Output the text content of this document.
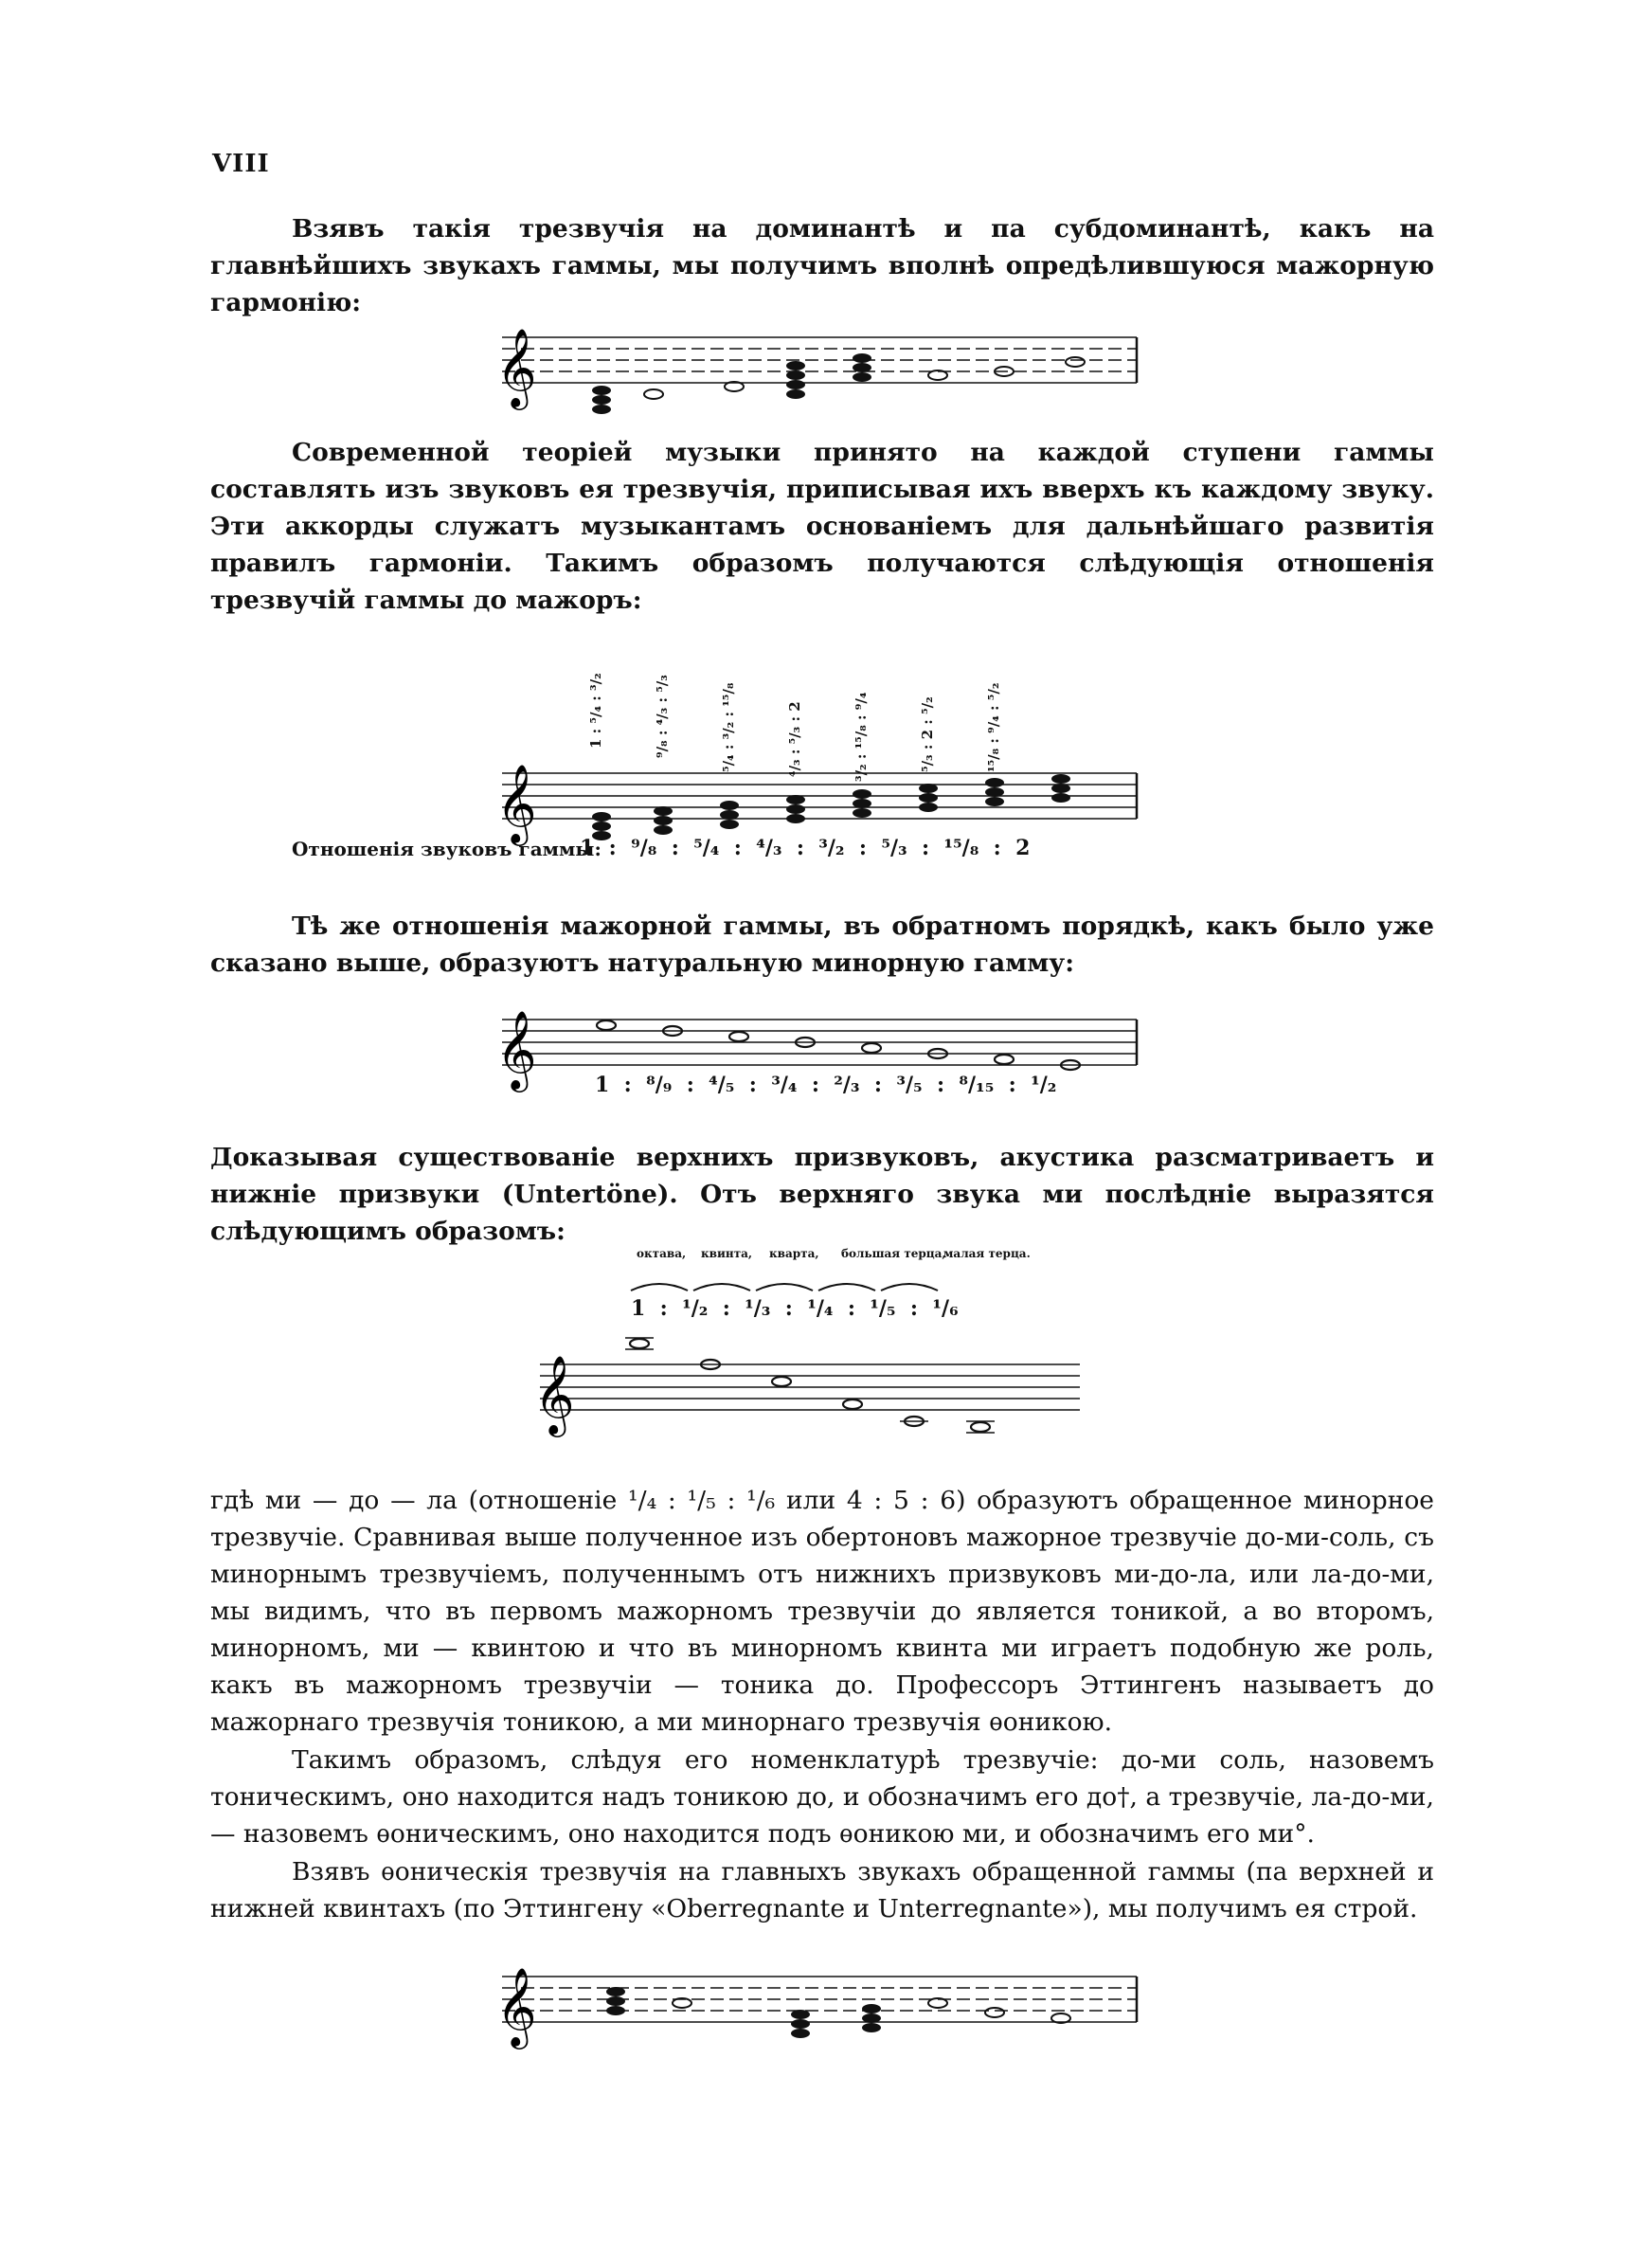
VIII
Взявъ такія трезвучія на доминантѣ и па субдоминантѣ, какъ на главнѣйшихъ звукахъ гаммы, мы получимъ вполнѣ опредѣлившуюся мажорную гармонію:
𝄞
Современной теоріей музыки принято на каждой ступени гаммы составлять изъ звуковъ ея трезвучія, приписывая ихъ вверхъ къ каждому звуку. Эти аккорды служатъ музыкантамъ основаніемъ для дальнѣйшаго развитія правилъ гармоніи. Такимъ образомъ получаются слѣдующія отношенія трезвучій гаммы до мажоръ:
1 : ⁵/₄ : ³/₂	⁹/₈ : ⁴/₃ : ⁵/₃	⁵/₄ : ³/₂ : ¹⁵/₈	⁴/₃ : ⁵/₃ : 2	³/₂ : ¹⁵/₈ : ⁹/₄	⁵/₃ : 2 : ⁵/₂	¹⁵/₈ : ⁹/₄ : ⁵/₂
𝄞
Отношенія звуковъ гаммы:
1  :  ⁹/₈  :  ⁵/₄  :  ⁴/₃  :  ³/₂  :  ⁵/₃  :  ¹⁵/₈  :  2
Тѣ же отношенія мажорной гаммы, въ обратномъ порядкѣ, какъ было уже сказано выше, образуютъ натуральную минорную гамму:
𝄞	1  :  ⁸/₉  :  ⁴/₅  :  ³/₄  :  ²/₃  :  ³/₅  :  ⁸/₁₅  :  ¹/₂
Доказывая существованіе верхнихъ призвуковъ, акустика разсматриваетъ и нижніе призвуки (Untertöne). Отъ верхняго звука ми послѣдніе выразятся слѣдующимъ образомъ:
октава, квинта, кварта, большая терца,
малая терца.
1  :  ¹/₂  :  ¹/₃  :  ¹/₄  :  ¹/₅  :  ¹/₆
𝄞
гдѣ ми — до — ла (отношеніе ¹/₄ : ¹/₅ : ¹/₆ или 4 : 5 : 6) образуютъ обращенное минорное трезвучіе. Сравнивая выше полученное изъ обертоновъ мажорное трезвучіе до-ми-соль, съ минорнымъ трезвучіемъ, полученнымъ отъ нижнихъ призвуковъ ми-до-ла, или ла-до-ми, мы видимъ, что въ первомъ мажорномъ трезвучіи до является тоникой, а во второмъ, минорномъ, ми — квинтою и что въ минорномъ квинта ми играетъ подобную же роль, какъ въ мажорномъ трезвучіи — тоника до. Профессоръ Эттингенъ называетъ до мажорнаго трезвучія тоникою, а ми минорнаго трезвучія ѳоникою.
Такимъ образомъ, слѣдуя его номенклатурѣ трезвучіе: до-ми соль, назовемъ тоническимъ, оно находится надъ тоникою до, и обозначимъ его до†, а трезвучіе, ла-до-ми, — назовемъ ѳоническимъ, оно находится подъ ѳоникою ми, и обозначимъ его ми°.
Взявъ ѳоническія трезвучія на главныхъ звукахъ обращенной гаммы (па верхней и нижней квинтахъ (по Эттингену «Oberregnante и Unterregnante»), мы получимъ ея строй.
𝄞
